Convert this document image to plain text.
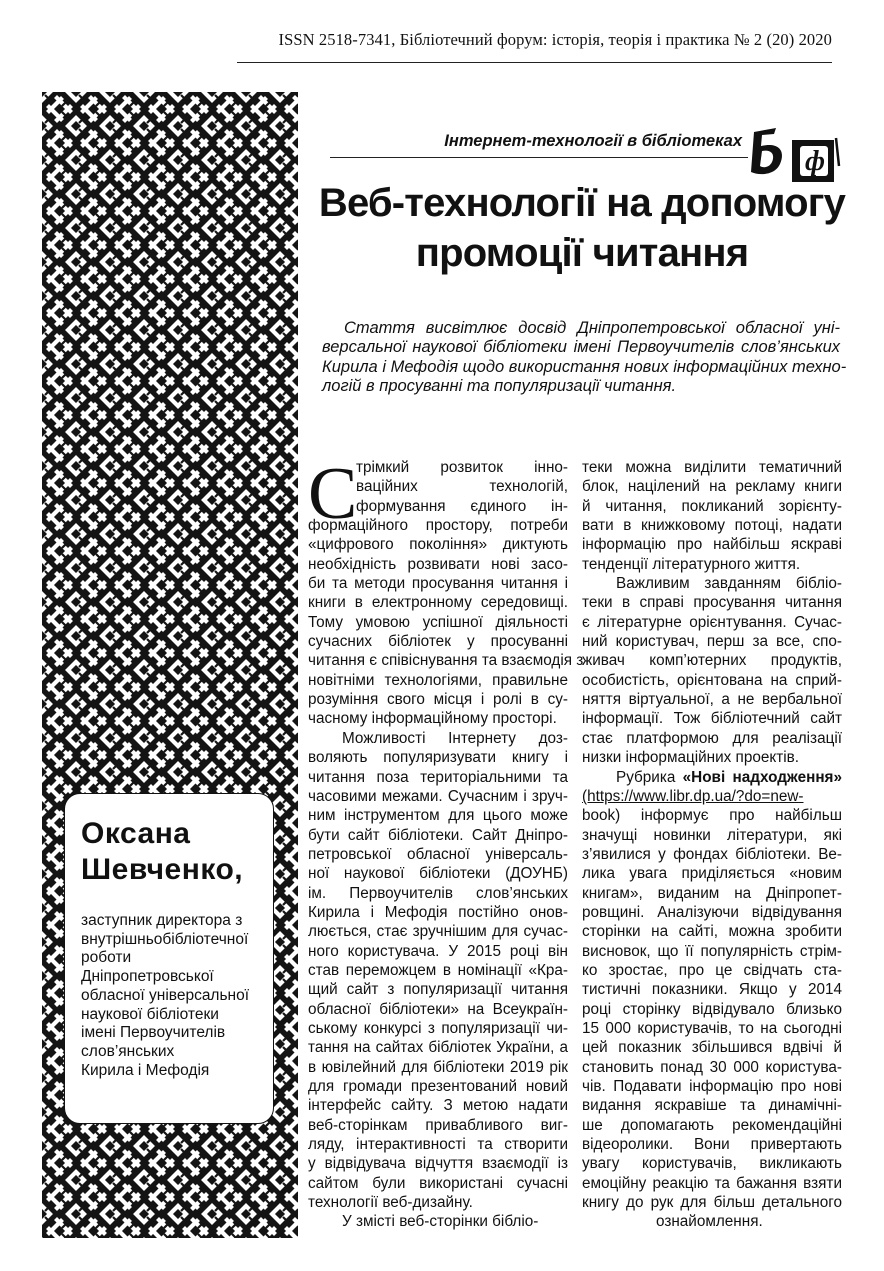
ISSN 2518-7341, Бібліотечний форум: історія, теорія і практика № 2 (20) 2020
Оксана
Шевченко,
заступник директора з
внутрішньобібліотечної
роботи
Дніпропетровської
обласної універсальної
наукової бібліотеки
імені Первоучителів
слов’янських
Кирила і Мефодія
Інтернет-технології в бібліотеках
ф
Веб-технології на допомогу
промоції читання
Стаття висвітлює досвід Дніпропетровської обласної уні-
версальної наукової бібліотеки імені Первоучителів слов’янських
Кирила і Мефодія щодо використання нових інформаційних техно-
логій в просуванні та популяризації читання.
С
трімкий розвиток інно-
ваційних технологій,
формування єдиного ін-
формаційного простору, потреби
«цифрового покоління» диктують
необхідність розвивати нові засо-
би та методи просування читання і
книги в електронному середовищі.
Тому умовою успішної діяльності
сучасних бібліотек у просуванні
читання є співіснування та взаємодія з
новітніми технологіями, правильне
розуміння свого місця і ролі в су-
часному інформаційному просторі.
Можливості Інтернету доз-
воляють популяризувати книгу і
читання поза територіальними та
часовими межами. Сучасним і зруч-
ним інструментом для цього може
бути сайт бібліотеки. Сайт Дніпро-
петровської обласної універсаль-
ної наукової бібліотеки (ДОУНБ)
ім. Первоучителів слов’янських
Кирила і Мефодія постійно онов-
люється, стає зручнішим для сучас-
ного користувача. У 2015 році він
став переможцем в номінації «Кра-
щий сайт з популяризації читання
обласної бібліотеки» на Всеукраїн-
ському конкурсі з популяризації чи-
тання на сайтах бібліотек України, а
в ювілейний для бібліотеки 2019 рік
для громади презентований новий
інтерфейс сайту. З метою надати
веб-сторінкам привабливого виг-
ляду, інтерактивності та створити
у відвідувача відчуття взаємодії із
сайтом були використані сучасні
технології веб-дизайну.
У змісті веб-сторінки бібліо-
теки можна виділити тематичний
блок, націлений на рекламу книги
й читання, покликаний зорієнту-
вати в книжковому потоці, надати
інформацію про найбільш яскраві
тенденції літературного життя.
Важливим завданням бібліо-
теки в справі просування читання
є літературне орієнтування. Сучас-
ний користувач, перш за все, спо-
живач комп’ютерних продуктів,
особистість, орієнтована на сприй-
няття віртуальної, а не вербальної
інформації. Тож бібліотечний сайт
стає платформою для реалізації
низки інформаційних проектів.
Рубрика «Нові надходження»
(https://www.libr.dp.ua/?do=new-
book) інформує про найбільш
значущі новинки літератури, які
з’явилися у фондах бібліотеки. Ве-
лика увага приділяється «новим
книгам», виданим на Дніпропет-
ровщині. Аналізуючи відвідування
сторінки на сайті, можна зробити
висновок, що її популярність стрім-
ко зростає, про це свідчать ста-
тистичні показники. Якщо у 2014
році сторінку відвідувало близько
15 000 користувачів, то на сьогодні
цей показник збільшився вдвічі й
становить понад 30 000 користува-
чів. Подавати інформацію про нові
видання яскравіше та динамічні-
ше допомагають рекомендаційні
відеоролики. Вони привертають
увагу користувачів, викликають
емоційну реакцію та бажання взяти
книгу до рук для більш детального
ознайомлення.
